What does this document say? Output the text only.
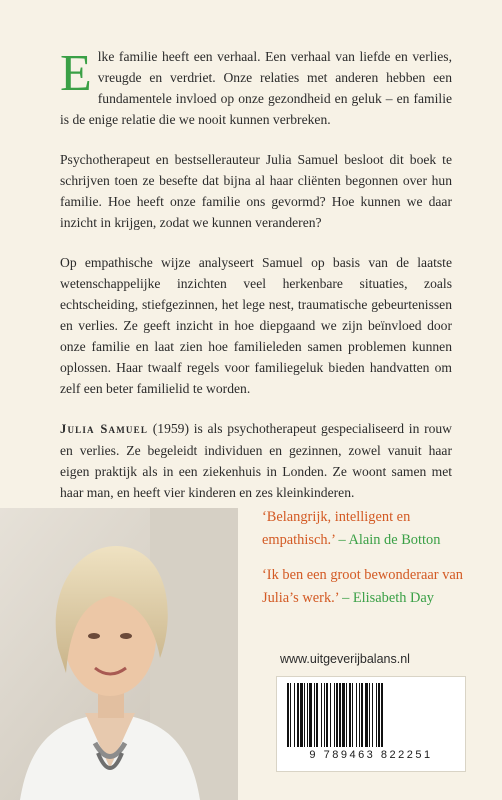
Elke familie heeft een verhaal. Een verhaal van liefde en verlies, vreugde en verdriet. Onze relaties met anderen hebben een fundamentele invloed op onze gezondheid en geluk – en familie is de enige relatie die we nooit kunnen verbreken.

Psychotherapeut en bestsellerauteur Julia Samuel besloot dit boek te schrijven toen ze besefte dat bijna al haar cliënten begonnen over hun familie. Hoe heeft onze familie ons gevormd? Hoe kunnen we daar inzicht in krijgen, zodat we kunnen veranderen?

Op empathische wijze analyseert Samuel op basis van de laatste wetenschappelijke inzichten veel herkenbare situaties, zoals echtscheiding, stiefgezinnen, het lege nest, traumatische gebeurtenissen en verlies. Ze geeft inzicht in hoe diepgaand we zijn beïnvloed door onze familie en laat zien hoe familieleden samen problemen kunnen oplossen. Haar twaalf regels voor familiegeluk bieden handvatten om zelf een beter familielid te worden.

Julia Samuel (1959) is als psychotherapeut gespecialiseerd in rouw en verlies. Ze begeleidt individuen en gezinnen, zowel vanuit haar eigen praktijk als in een ziekenhuis in Londen. Ze woont samen met haar man, en heeft vier kinderen en zes kleinkinderen.

‘Belangrijk, intelligent en empathisch.’ – Alain de Botton
‘Ik ben een groot bewonderaar van Julia’s werk.’ – Elisabeth Day
www.uitgeverijbalans.nl
9 789463 822251
